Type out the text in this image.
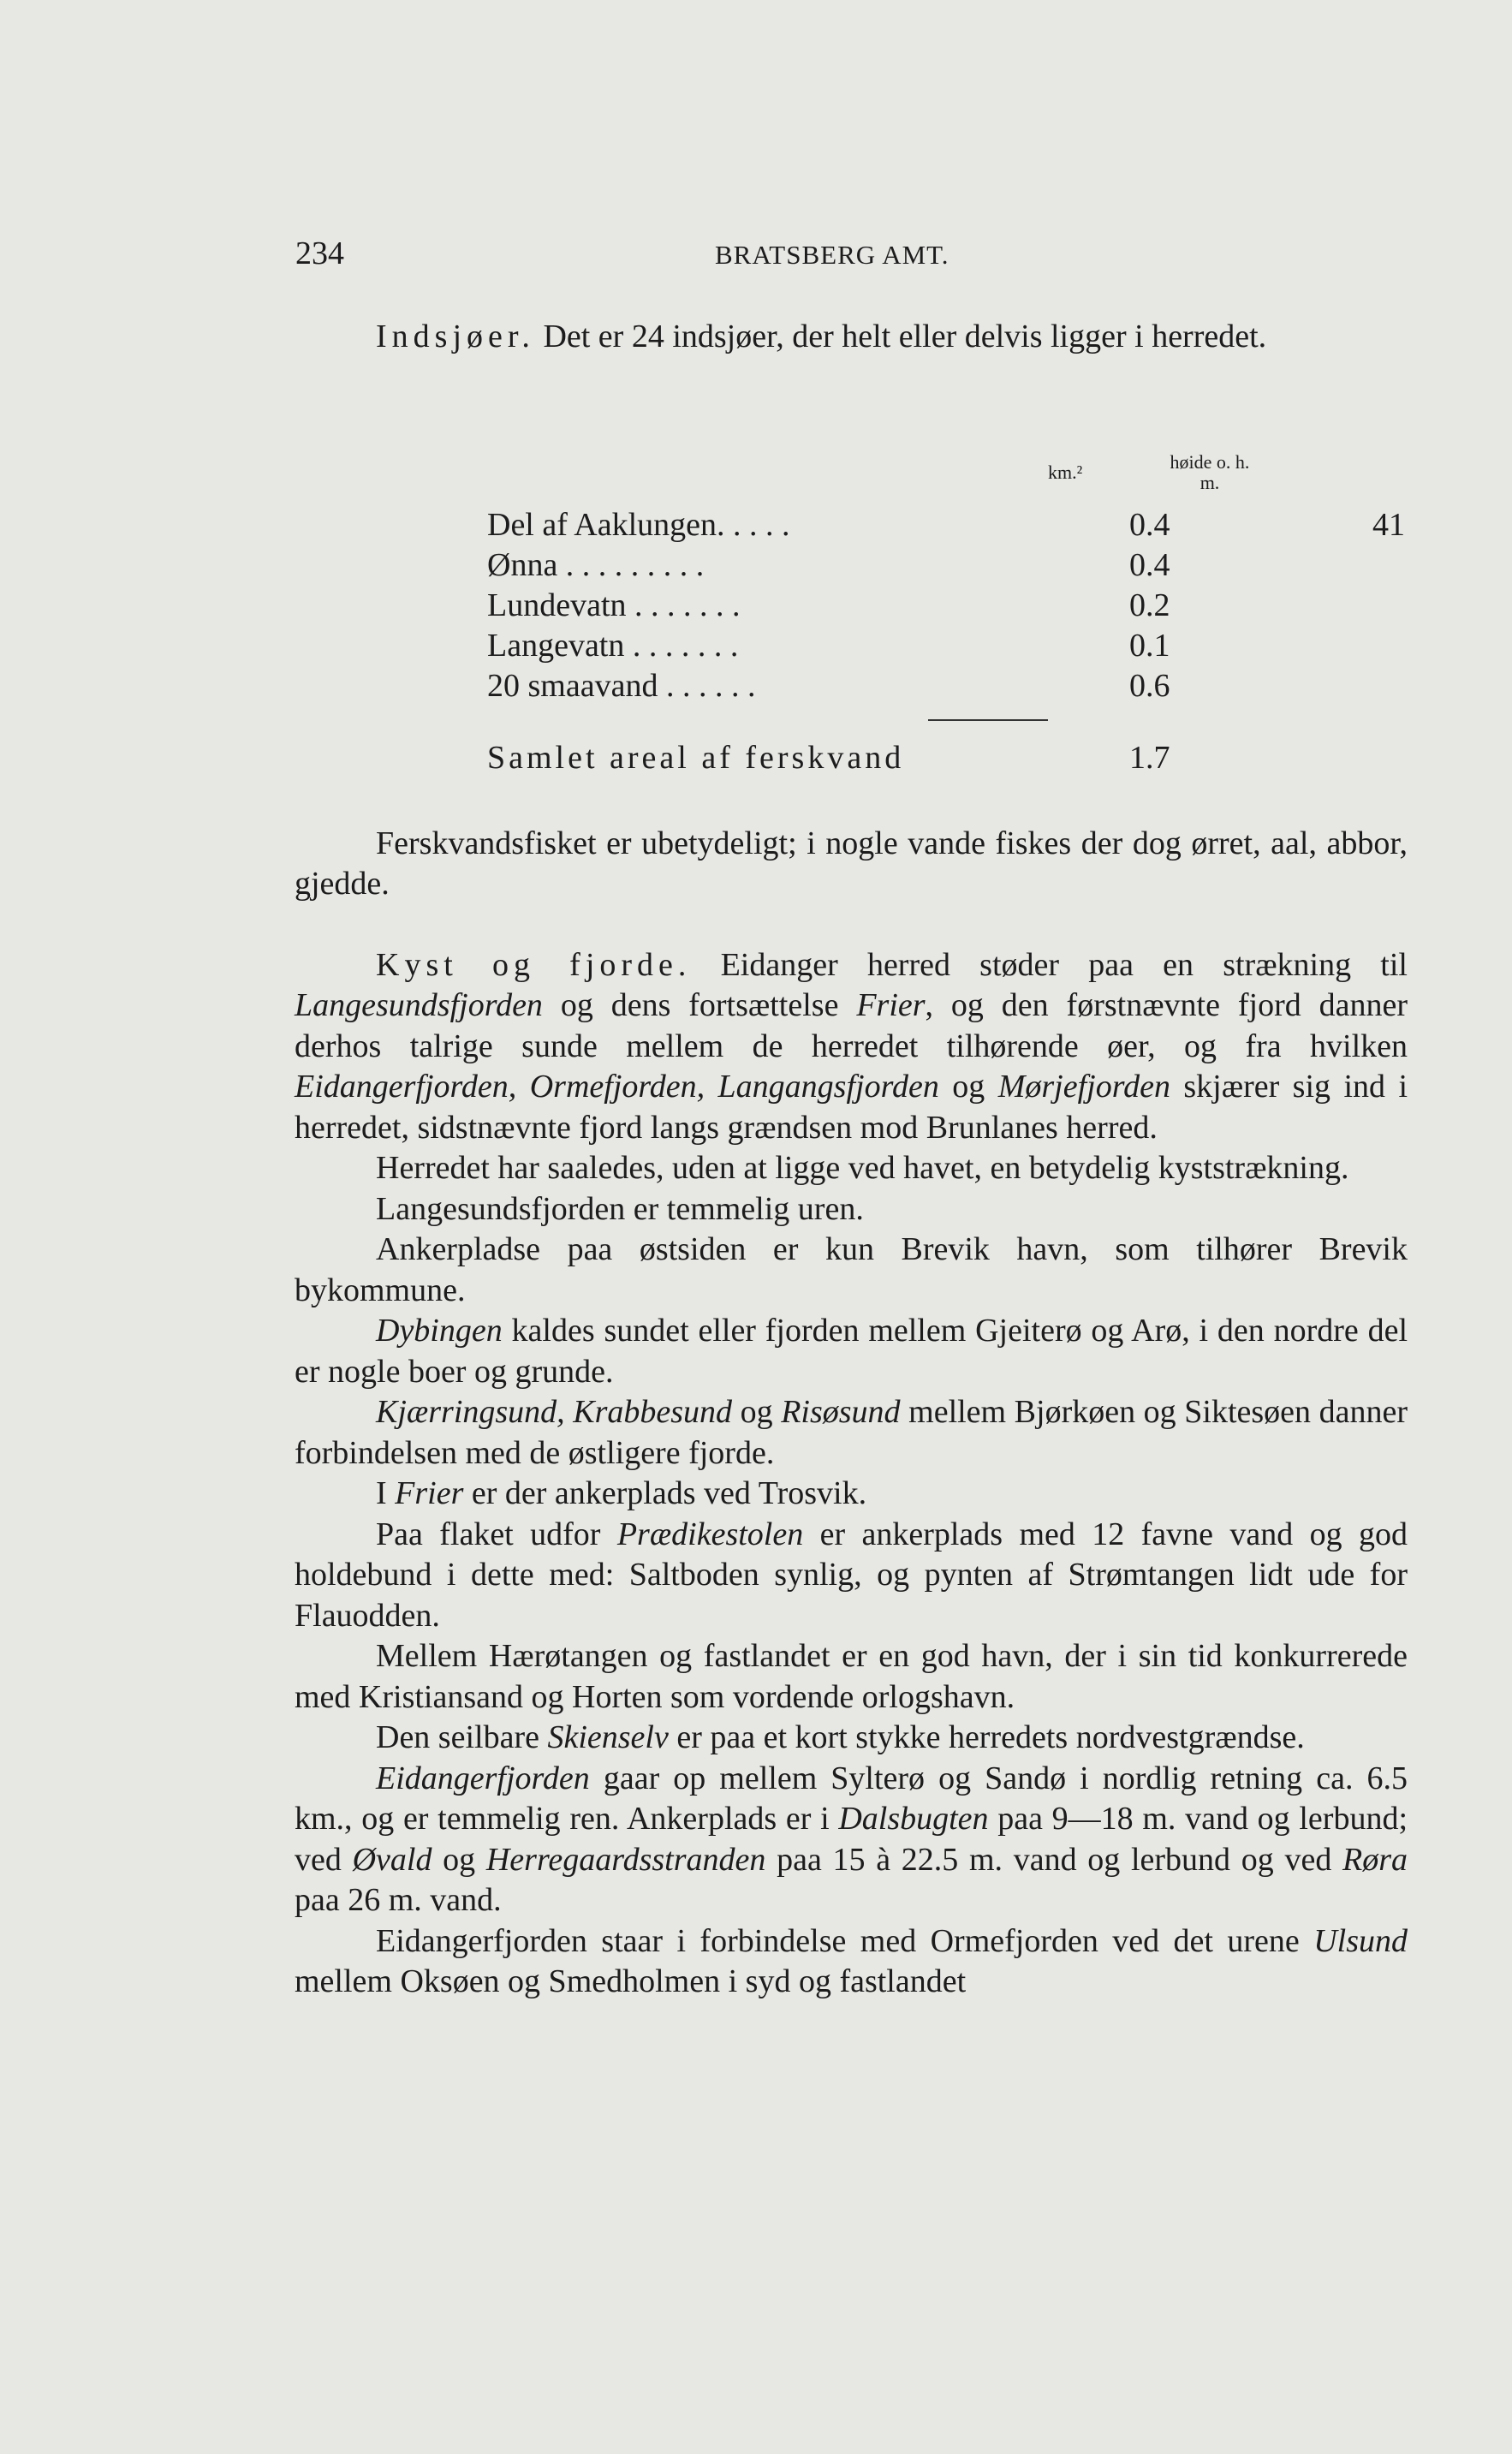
234	BRATSBERG AMT.

Indsjøer. Det er 24 indsjøer, der helt eller delvis ligger i herredet.

km.²	høide o. h. m.
Del af Aaklungen. . . . .	0.4	41
Ønna . . . . . . . . .	0.4
Lundevatn . . . . . . .	0.2
Langevatn . . . . . . .	0.1
20 smaavand . . . . . .	0.6
Samlet areal af ferskvand	1.7

Ferskvandsfisket er ubetydeligt; i nogle vande fiskes der dog ørret, aal, abbor, gjedde.

Kyst og fjorde. Eidanger herred støder paa en strækning til Langesundsfjorden og dens fortsættelse Frier, og den førstnævnte fjord danner derhos talrige sunde mellem de herredet tilhørende øer, og fra hvilken Eidangerfjorden, Ormefjorden, Langangsfjorden og Mørjefjorden skjærer sig ind i herredet, sidstnævnte fjord langs grændsen mod Brunlanes herred.

Herredet har saaledes, uden at ligge ved havet, en betydelig kyststrækning.

Langesundsfjorden er temmelig uren.

Ankerpladse paa østsiden er kun Brevik havn, som tilhører Brevik bykommune.

Dybingen kaldes sundet eller fjorden mellem Gjeiterø og Arø, i den nordre del er nogle boer og grunde.

Kjærringsund, Krabbesund og Risøsund mellem Bjørkøen og Siktesøen danner forbindelsen med de østligere fjorde.

I Frier er der ankerplads ved Trosvik.

Paa flaket udfor Prædikestolen er ankerplads med 12 favne vand og god holdebund i dette med: Saltboden synlig, og pynten af Strømtangen lidt ude for Flauodden.

Mellem Hærøtangen og fastlandet er en god havn, der i sin tid konkurrerede med Kristiansand og Horten som vordende orlogshavn.

Den seilbare Skienselv er paa et kort stykke herredets nordvestgrændse.

Eidangerfjorden gaar op mellem Sylterø og Sandø i nordlig retning ca. 6.5 km., og er temmelig ren. Ankerplads er i Dalsbugten paa 9—18 m. vand og lerbund; ved Øvald og Herregaardsstranden paa 15 à 22.5 m. vand og lerbund og ved Røra paa 26 m. vand.

Eidangerfjorden staar i forbindelse med Ormefjorden ved det urene Ulsund mellem Oksøen og Smedholmen i syd og fastlandet
